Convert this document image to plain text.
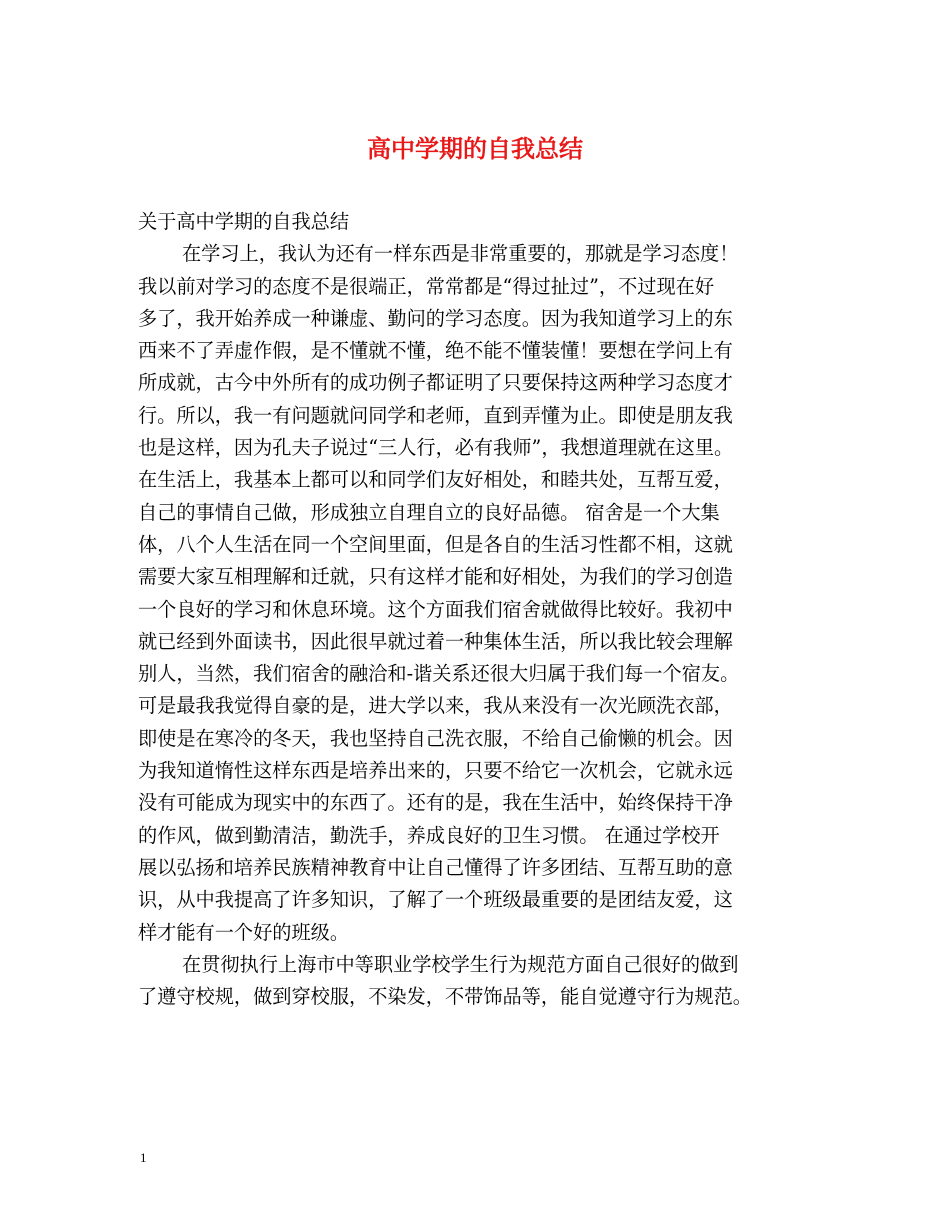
高中学期的自我总结
关于高中学期的自我总结
在学习上，我认为还有一样东西是非常重要的，那就是学习态度！
我以前对学习的态度不是很端正，常常都是“得过扯过”，不过现在好
多了，我开始养成一种谦虚、勤问的学习态度。因为我知道学习上的东
西来不了弄虚作假，是不懂就不懂，绝不能不懂装懂！要想在学问上有
所成就，古今中外所有的成功例子都证明了只要保持这两种学习态度才
行。所以，我一有问题就问同学和老师，直到弄懂为止。即使是朋友我
也是这样，因为孔夫子说过“三人行，必有我师”，我想道理就在这里。
在生活上，我基本上都可以和同学们友好相处，和睦共处，互帮互爱，
自己的事情自己做，形成独立自理自立的良好品德。 宿舍是一个大集
体，八个人生活在同一个空间里面，但是各自的生活习性都不相，这就
需要大家互相理解和迁就，只有这样才能和好相处，为我们的学习创造
一个良好的学习和休息环境。这个方面我们宿舍就做得比较好。我初中
就已经到外面读书，因此很早就过着一种集体生活，所以我比较会理解
别人，当然，我们宿舍的融洽和-谐关系还很大归属于我们每一个宿友。
可是最我我觉得自豪的是，进大学以来，我从来没有一次光顾洗衣部，
即使是在寒冷的冬天，我也坚持自己洗衣服，不给自己偷懒的机会。因
为我知道惰性这样东西是培养出来的，只要不给它一次机会，它就永远
没有可能成为现实中的东西了。还有的是，我在生活中，始终保持干净
的作风，做到勤清洁，勤洗手，养成良好的卫生习惯。 在通过学校开
展以弘扬和培养民族精神教育中让自己懂得了许多团结、互帮互助的意
识，从中我提高了许多知识，了解了一个班级最重要的是团结友爱，这
样才能有一个好的班级。
在贯彻执行上海市中等职业学校学生行为规范方面自己很好的做到
了遵守校规，做到穿校服，不染发，不带饰品等，能自觉遵守行为规范。
1
